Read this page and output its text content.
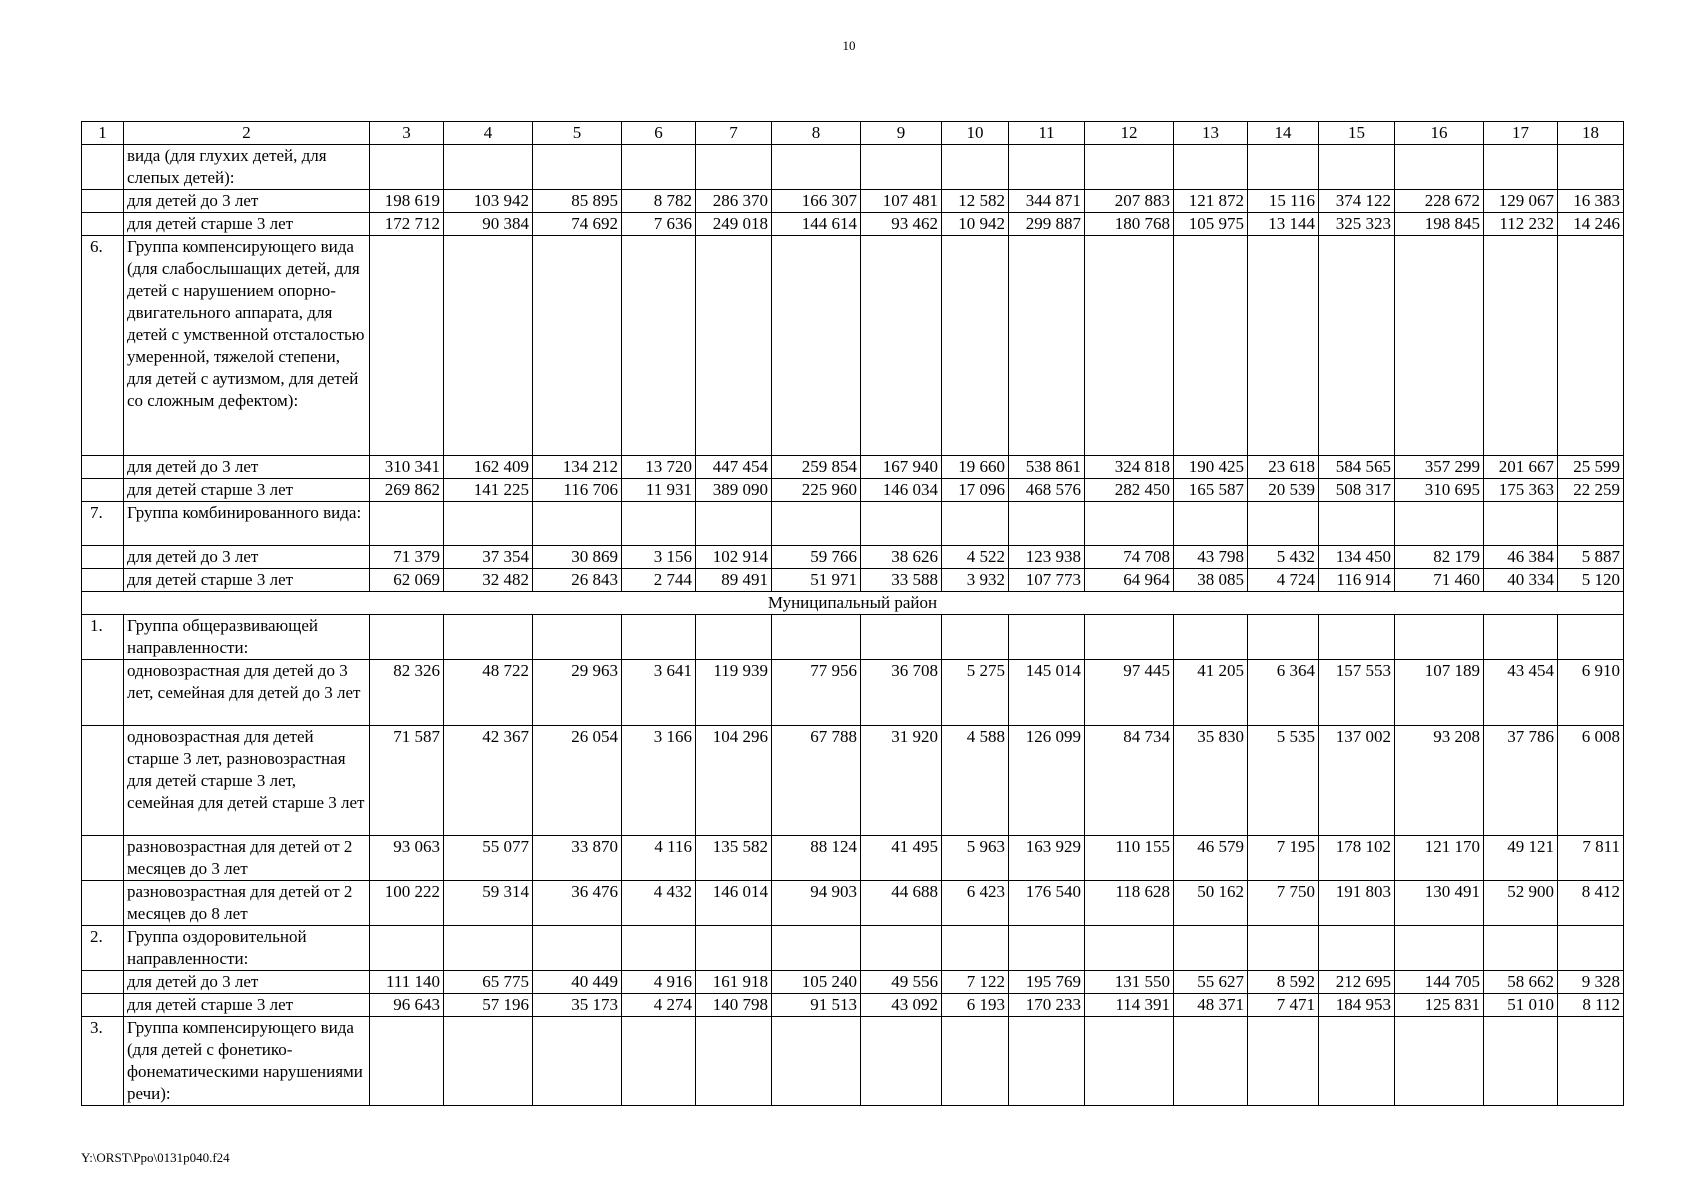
10
1	2	3	4	5	6	7	8	9	10	11	12	13	14	15	16	17	18
	вида (для глухих детей, для слепых детей):																
	для детей до 3 лет	198 619	103 942	85 895	8 782	286 370	166 307	107 481	12 582	344 871	207 883	121 872	15 116	374 122	228 672	129 067	16 383
	для детей старше 3 лет	172 712	90 384	74 692	7 636	249 018	144 614	93 462	10 942	299 887	180 768	105 975	13 144	325 323	198 845	112 232	14 246
6.	Группа компенсирующего вида (для слабослышащих детей, для детей с нарушением опорно-двигательного аппарата, для детей с умственной отсталостью умеренной, тяжелой степени, для детей с аутизмом, для детей со сложным дефектом):																
	для детей до 3 лет	310 341	162 409	134 212	13 720	447 454	259 854	167 940	19 660	538 861	324 818	190 425	23 618	584 565	357 299	201 667	25 599
	для детей старше 3 лет	269 862	141 225	116 706	11 931	389 090	225 960	146 034	17 096	468 576	282 450	165 587	20 539	508 317	310 695	175 363	22 259
7.	Группа комбинированного вида:																
	для детей до 3 лет	71 379	37 354	30 869	3 156	102 914	59 766	38 626	4 522	123 938	74 708	43 798	5 432	134 450	82 179	46 384	5 887
	для детей старше 3 лет	62 069	32 482	26 843	2 744	89 491	51 971	33 588	3 932	107 773	64 964	38 085	4 724	116 914	71 460	40 334	5 120
Муниципальный район																	
1.	Группа общеразвивающей направленности:																
	одновозрастная для детей до 3 лет, семейная для детей до 3 лет	82 326	48 722	29 963	3 641	119 939	77 956	36 708	5 275	145 014	97 445	41 205	6 364	157 553	107 189	43 454	6 910
	одновозрастная для детей старше 3 лет, разновозрастная для детей старше 3 лет, семейная для детей старше 3 лет	71 587	42 367	26 054	3 166	104 296	67 788	31 920	4 588	126 099	84 734	35 830	5 535	137 002	93 208	37 786	6 008
	разновозрастная для детей от 2 месяцев до 3 лет	93 063	55 077	33 870	4 116	135 582	88 124	41 495	5 963	163 929	110 155	46 579	7 195	178 102	121 170	49 121	7 811
	разновозрастная для детей от 2 месяцев до 8 лет	100 222	59 314	36 476	4 432	146 014	94 903	44 688	6 423	176 540	118 628	50 162	7 750	191 803	130 491	52 900	8 412
2.	Группа оздоровительной направленности:																
	для детей до 3 лет	111 140	65 775	40 449	4 916	161 918	105 240	49 556	7 122	195 769	131 550	55 627	8 592	212 695	144 705	58 662	9 328
	для детей старше 3 лет	96 643	57 196	35 173	4 274	140 798	91 513	43 092	6 193	170 233	114 391	48 371	7 471	184 953	125 831	51 010	8 112
3.	Группа компенсирующего вида (для детей с фонетико-фонематическими нарушениями речи):																
Y:\ORST\Ppo\0131p040.f24
